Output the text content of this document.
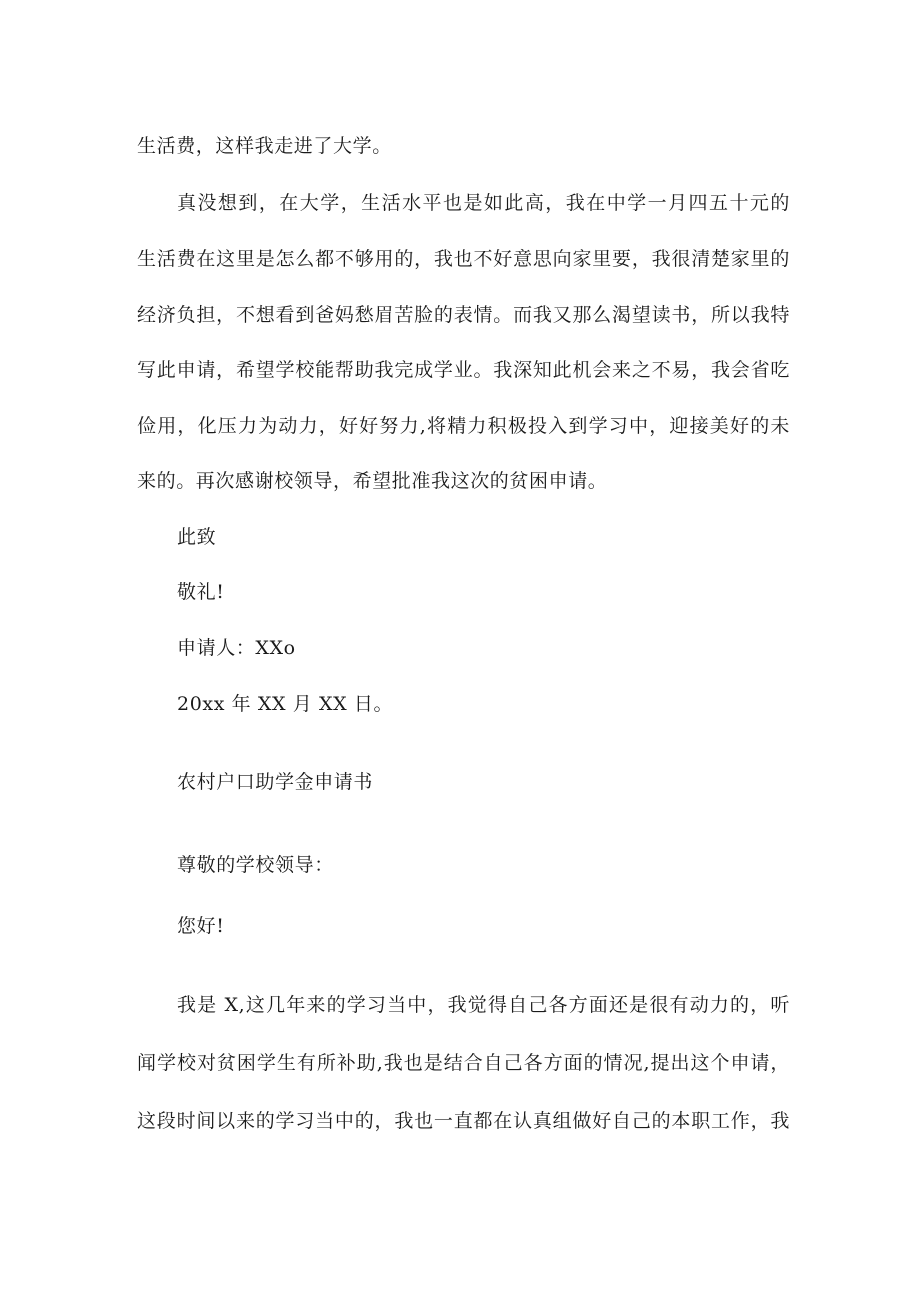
生活费，这样我走进了大学。
真没想到，在大学，生活水平也是如此高，我在中学一月四五十元的
生活费在这里是怎么都不够用的，我也不好意思向家里要，我很清楚家里的
经济负担，不想看到爸妈愁眉苦脸的表情。而我又那么渴望读书，所以我特
写此申请，希望学校能帮助我完成学业。我深知此机会来之不易，我会省吃
俭用，化压力为动力，好好努力,将精力积极投入到学习中，迎接美好的未
来的。再次感谢校领导，希望批准我这次的贫困申请。
此致
敬礼!
申请人：XXo
20xx 年 XX 月 XX 日。
农村户口助学金申请书
尊敬的学校领导：
您好!
我是 X,这几年来的学习当中，我觉得自己各方面还是很有动力的，听
闻学校对贫困学生有所补助,我也是结合自己各方面的情况,提出这个申请，
这段时间以来的学习当中的，我也一直都在认真组做好自己的本职工作，我
